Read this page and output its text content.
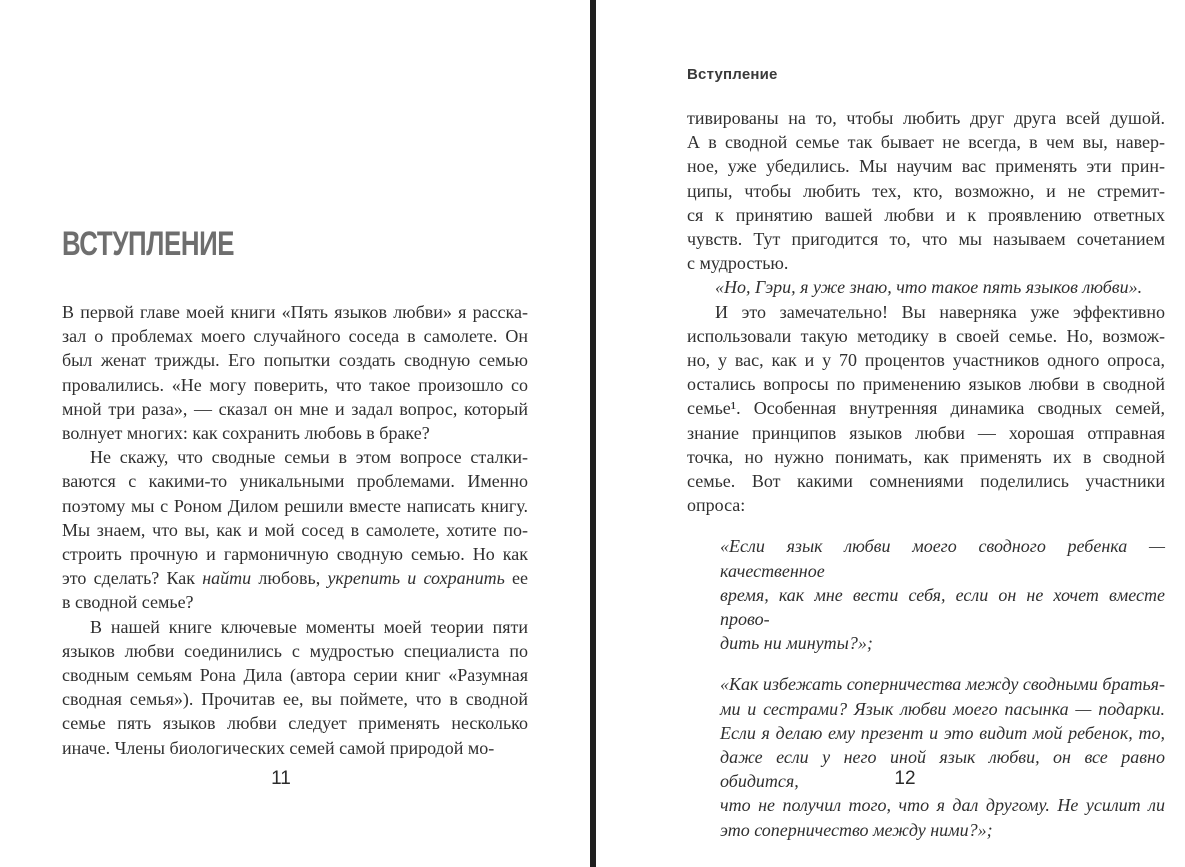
ВСТУПЛЕНИЕ
В первой главе моей книги «Пять языков любви» я расска-
зал о проблемах моего случайного соседа в самолете. Он
был женат трижды. Его попытки создать сводную семью
провалились. «Не могу поверить, что такое произошло со
мной три раза», — сказал он мне и задал вопрос, который
волнует многих: как сохранить любовь в браке?
Не скажу, что сводные семьи в этом вопросе сталки-
ваются с какими-то уникальными проблемами. Именно
поэтому мы с Роном Дилом решили вместе написать книгу.
Мы знаем, что вы, как и мой сосед в самолете, хотите по-
строить прочную и гармоничную сводную семью. Но как
это сделать? Как найти любовь, укрепить и сохранить ее
в сводной семье?
В нашей книге ключевые моменты моей теории пяти
языков любви соединились с мудростью специалиста по
сводным семьям Рона Дила (автора серии книг «Разумная
сводная семья»). Прочитав ее, вы поймете, что в сводной
семье пять языков любви следует применять несколько
иначе. Члены биологических семей самой природой мо-
11
Вступление
тивированы на то, чтобы любить друг друга всей душой.
А в сводной семье так бывает не всегда, в чем вы, навер-
ное, уже убедились. Мы научим вас применять эти прин-
ципы, чтобы любить тех, кто, возможно, и не стремит-
ся к принятию вашей любви и к проявлению ответных
чувств. Тут пригодится то, что мы называем сочетанием
с мудростью.
«Но, Гэри, я уже знаю, что такое пять языков любви».
И это замечательно! Вы наверняка уже эффективно
использовали такую методику в своей семье. Но, возмож-
но, у вас, как и у 70 процентов участников одного опроса,
остались вопросы по применению языков любви в сводной
семье¹. Особенная внутренняя динамика сводных семей,
знание принципов языков любви — хорошая отправная
точка, но нужно понимать, как применять их в сводной
семье. Вот какими сомнениями поделились участники
опроса:
«Если язык любви моего сводного ребенка — качественное
время, как мне вести себя, если он не хочет вместе прово-
дить ни минуты?»;
«Как избежать соперничества между сводными братья-
ми и сестрами? Язык любви моего пасынка — подарки.
Если я делаю ему презент и это видит мой ребенок, то,
даже если у него иной язык любви, он все равно обидится,
что не получил того, что я дал другому. Не усилит ли
это соперничество между ними?»;
12
